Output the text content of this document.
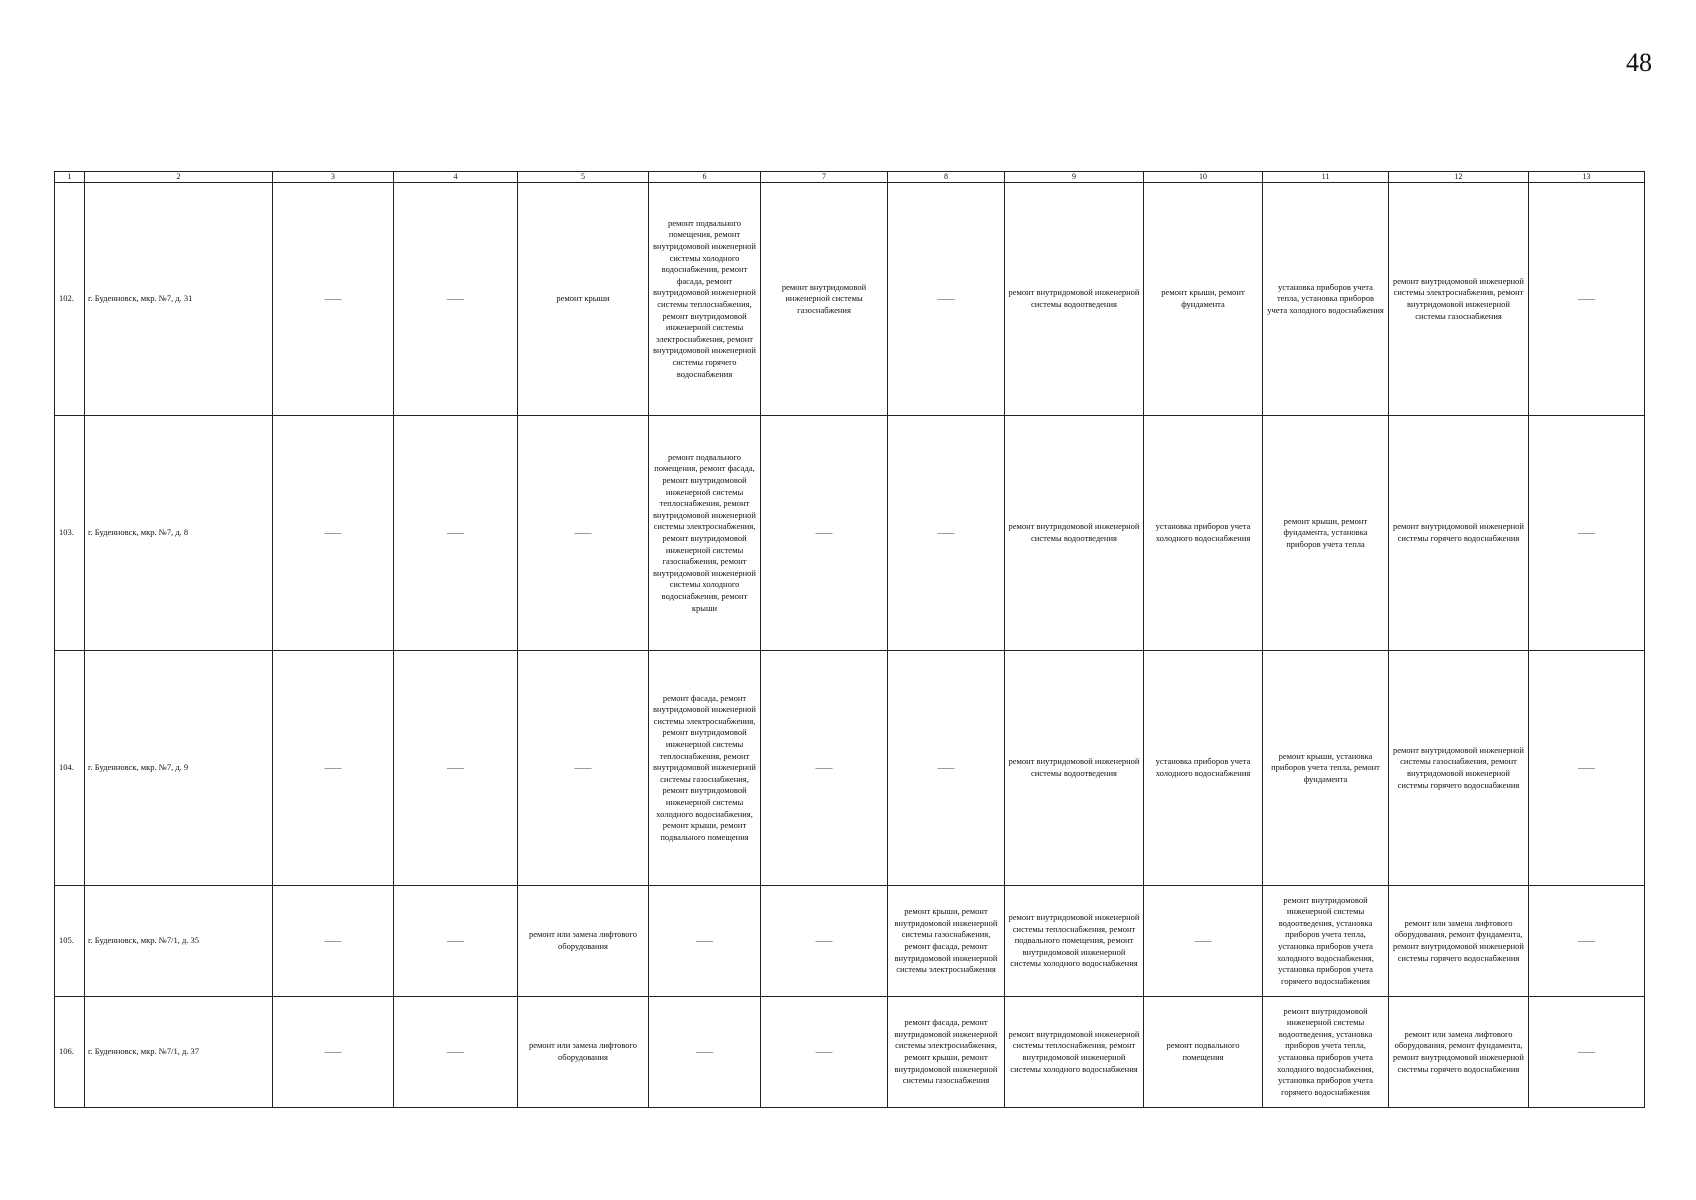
48
1	2	3	4	5	6	7	8	9	10	11	12	13
102.	г. Буденновск, мкр. №7, д. 31	——	——	ремонт крыши	ремонт подвального помещения, ремонт внутридомовой инженерной системы холодного водоснабжения, ремонт фасада, ремонт внутридомовой инженерной системы теплоснабжения, ремонт внутридомовой инженерной системы электроснабжения, ремонт внутридомовой инженерной системы горячего водоснабжения	ремонт внутридомовой инженерной системы газоснабжения	——	ремонт внутридомовой инженерной системы водоотведения	ремонт крыши, ремонт фундамента	установка приборов учета тепла, установка приборов учета холодного водоснабжения	ремонт внутридомовой инженерной системы электроснабжения, ремонт внутридомовой инженерной системы газоснабжения	——
103.	г. Буденновск, мкр. №7, д. 8	——	——	——	ремонт подвального помещения, ремонт фасада, ремонт внутридомовой инженерной системы теплоснабжения, ремонт внутридомовой инженерной системы электроснабжения, ремонт внутридомовой инженерной системы газоснабжения, ремонт внутридомовой инженерной системы холодного водоснабжения, ремонт крыши	——	——	ремонт внутридомовой инженерной системы водоотведения	установка приборов учета холодного водоснабжения	ремонт крыши, ремонт фундамента, установка приборов учета тепла	ремонт внутридомовой инженерной системы горячего водоснабжения	——
104.	г. Буденновск, мкр. №7, д. 9	——	——	——	ремонт фасада, ремонт внутридомовой инженерной системы электроснабжения, ремонт внутридомовой инженерной системы теплоснабжения, ремонт внутридомовой инженерной системы газоснабжения, ремонт внутридомовой инженерной системы холодного водоснабжения, ремонт крыши, ремонт подвального помещения	——	——	ремонт внутридомовой инженерной системы водоотведения	установка приборов учета холодного водоснабжения	ремонт крыши, установка приборов учета тепла, ремонт фундамента	ремонт внутридомовой инженерной системы газоснабжения, ремонт внутридомовой инженерной системы горячего водоснабжения	——
105.	г. Буденновск, мкр. №7/1, д. 35	——	——	ремонт или замена лифтового оборудования	——	——	ремонт крыши, ремонт внутридомовой инженерной системы газоснабжения, ремонт фасада, ремонт внутридомовой инженерной системы электроснабжения	ремонт внутридомовой инженерной системы теплоснабжения, ремонт подвального помещения, ремонт внутридомовой инженерной системы холодного водоснабжения	——	ремонт внутридомовой инженерной системы водоотведения, установка приборов учета тепла, установка приборов учета холодного водоснабжения, установка приборов учета горячего водоснабжения	ремонт или замена лифтового оборудования, ремонт фундамента, ремонт внутридомовой инженерной системы горячего водоснабжения	——
106.	г. Буденновск, мкр. №7/1, д. 37	——	——	ремонт или замена лифтового оборудования	——	——	ремонт фасада, ремонт внутридомовой инженерной системы электроснабжения, ремонт крыши, ремонт внутридомовой инженерной системы газоснабжения	ремонт внутридомовой инженерной системы теплоснабжения, ремонт внутридомовой инженерной системы холодного водоснабжения	ремонт подвального помещения	ремонт внутридомовой инженерной системы водоотведения, установка приборов учета тепла, установка приборов учета холодного водоснабжения, установка приборов учета горячего водоснабжения	ремонт или замена лифтового оборудования, ремонт фундамента, ремонт внутридомовой инженерной системы горячего водоснабжения	——
